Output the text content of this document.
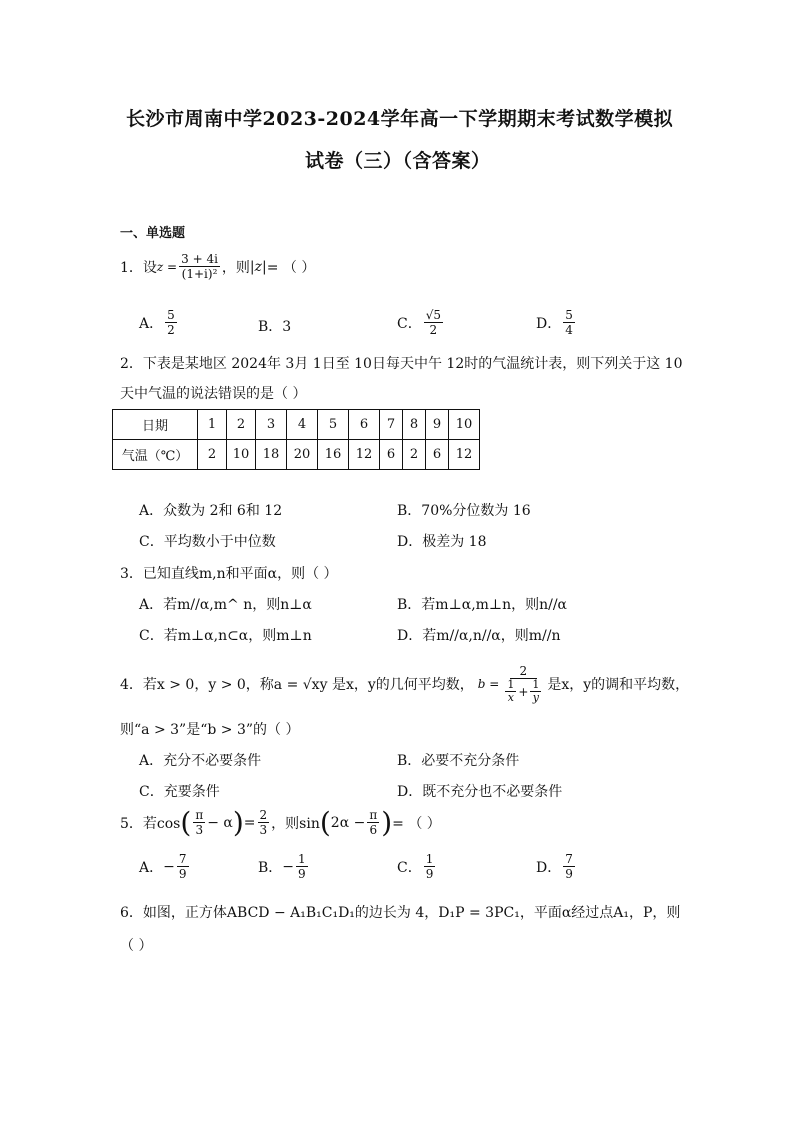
长沙市周南中学2023-2024学年高一下学期期末考试数学模拟
试卷（三）（含答案）
一、单选题
1．设 $z = \frac{3 + 4i}{\text{(1+i)²}}$ ，则 |z| = （ ）
A． $\frac{5}{2}$	B．3	C． $\frac{√5}{2}$	D． $\frac{5}{4}$
2．下表是某地区 2024年 3月 1日至 10日每天中午 12时的气温统计表，则下列关于这 10
天中气温的说法错误的是（ ）
日期	1	2	3	4	5	6	7	8	9	10
气温（℃）	2	10	18	20	16	12	6	2	6	12
A．众数为 2和 6和 12	B．70%分位数为 16
C．平均数小于中位数	D．极差为 18
3．已知直线m,n和平面α，则（ ）
A．若m//α,m^ n，则n⊥α	B．若m⊥α,m⊥n，则n//α
C．若m⊥α,n⊂α，则m⊥n	D．若m//α,n//α，则m//n
4．若x > 0，y > 0，称a = √xy 是x，y的几何平均数， $b = \frac{2}{\frac{1}{x} + \frac{1}{y}}$ 是x，y的调和平均数，
则“a > 3”是“b > 3”的（ ）
A．充分不必要条件	B．必要不充分条件
C．充要条件	D．既不充分也不必要条件
5．若cos ( $\frac{\pi}{3} - \alpha$ ) = $\frac{2}{3}$ ，则sin ( $2\alpha - \frac{\pi}{6}$ ) = （ ）
A． − $\frac{7}{9}$	B． − $\frac{1}{9}$	C． $\frac{1}{9}$	D． $\frac{7}{9}$
6．如图，正方体ABCD − A₁B₁C₁D₁的边长为 4，D₁P = 3PC₁，平面α经过点A₁，P，则
（ ）
